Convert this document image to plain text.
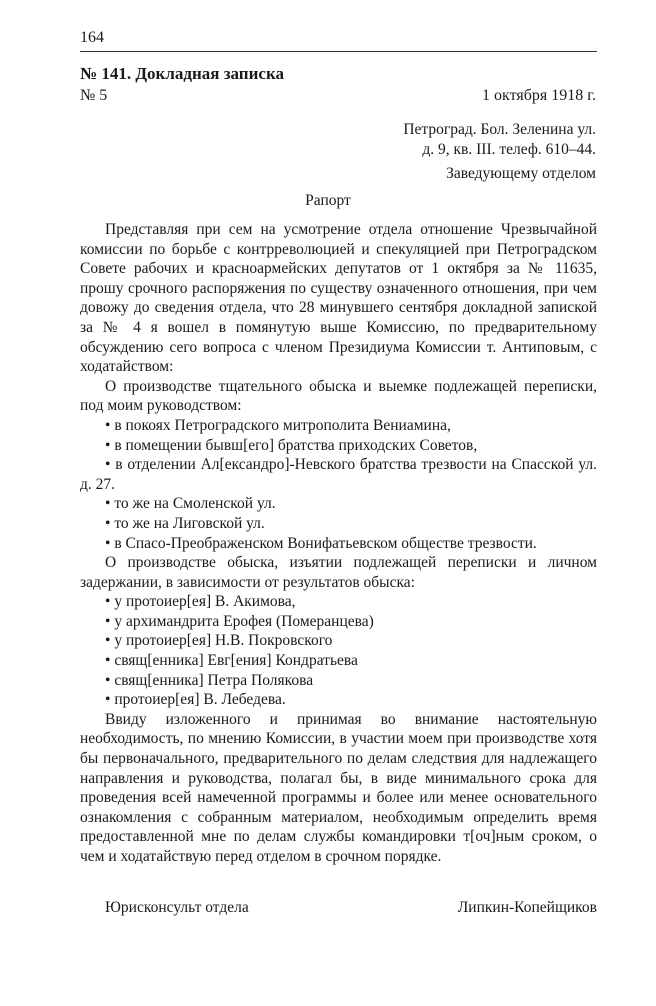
164
№ 141. Докладная записка
№ 5	1 октября 1918 г.
Петроград. Бол. Зеленина ул.
д. 9, кв. III. телеф. 610–44.
Заведующему отделом
Рапорт

Представляя при сем на усмотрение отдела отношение Чрезвычайной комиссии по борьбе с контрреволюцией и спекуляцией при Петроградском Совете рабочих и красноармейских депутатов от 1 октября за № 11635, прошу срочного распоряжения по существу означенного отношения, при чем довожу до сведения отдела, что 28 минувшего сентября докладной запиской за № 4 я вошел в помянутую выше Комиссию, по предварительному обсуждению сего вопроса с членом Президиума Комиссии т. Антиповым, с ходатайством:

О производстве тщательного обыска и выемке подлежащей переписки, под моим руководством:

• в покоях Петроградского митрополита Вениамина,
• в помещении бывш[его] братства приходских Советов,
• в отделении Ал[ександро]-Невского братства трезвости на Спасской ул. д. 27.
• то же на Смоленской ул.
• то же на Лиговской ул.
• в Спасо-Преображенском Вонифатьевском обществе трезвости.

О производстве обыска, изъятии подлежащей переписки и личном задержании, в зависимости от результатов обыска:

• у протоиер[ея] В. Акимова,
• у архимандрита Ерофея (Померанцева)
• у протоиер[ея] Н.В. Покровского
• свящ[енника] Евг[ения] Кондратьева
• свящ[енника] Петра Полякова
• протоиер[ея] В. Лебедева.

Ввиду изложенного и принимая во внимание настоятельную необходимость, по мнению Комиссии, в участии моем при производстве хотя бы первоначального, предварительного по делам следствия для надлежащего направления и руководства, полагал бы, в виде минимального срока для проведения всей намеченной программы и более или менее основательного ознакомления с собранным материалом, необходимым определить время предоставленной мне по делам службы командировки т[оч]ным сроком, о чем и ходатайствую перед отделом в срочном порядке.

Юрисконсульт отдела	Липкин-Копейщиков
